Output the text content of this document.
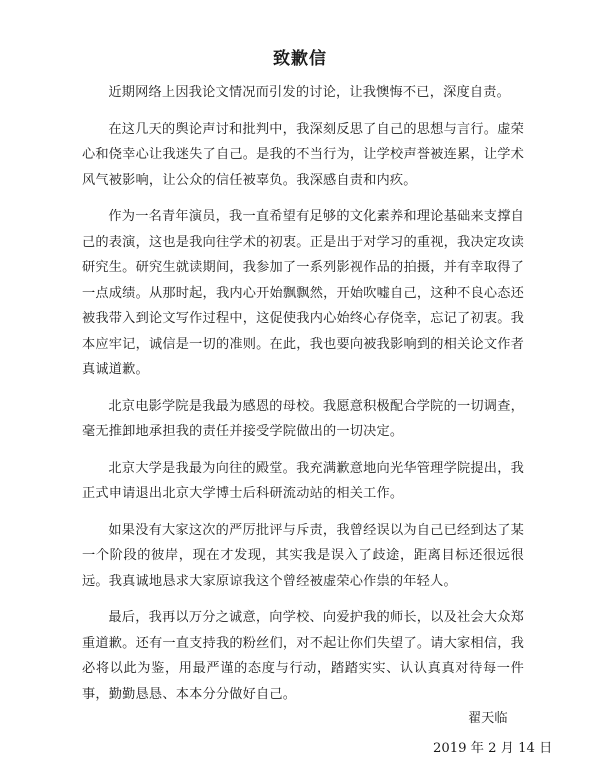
致歉信

近期网络上因我论文情况而引发的讨论，让我懊悔不已，深度自责。

在这几天的舆论声讨和批判中，我深刻反思了自己的思想与言行。虚荣心和侥幸心让我迷失了自己。是我的不当行为，让学校声誉被连累，让学术风气被影响，让公众的信任被辜负。我深感自责和内疚。

作为一名青年演员，我一直希望有足够的文化素养和理论基础来支撑自己的表演，这也是我向往学术的初衷。正是出于对学习的重视，我决定攻读研究生。研究生就读期间，我参加了一系列影视作品的拍摄，并有幸取得了一点成绩。从那时起，我内心开始飘飘然，开始吹嘘自己，这种不良心态还被我带入到论文写作过程中，这促使我内心始终心存侥幸，忘记了初衷。我本应牢记，诚信是一切的准则。在此，我也要向被我影响到的相关论文作者真诚道歉。

北京电影学院是我最为感恩的母校。我愿意积极配合学院的一切调查，毫无推卸地承担我的责任并接受学院做出的一切决定。

北京大学是我最为向往的殿堂。我充满歉意地向光华管理学院提出，我正式申请退出北京大学博士后科研流动站的相关工作。

如果没有大家这次的严厉批评与斥责，我曾经误以为自己已经到达了某一个阶段的彼岸，现在才发现，其实我是误入了歧途，距离目标还很远很远。我真诚地恳求大家原谅我这个曾经被虚荣心作祟的年轻人。

最后，我再以万分之诚意，向学校、向爱护我的师长，以及社会大众郑重道歉。还有一直支持我的粉丝们，对不起让你们失望了。请大家相信，我必将以此为鉴，用最严谨的态度与行动，踏踏实实、认认真真对待每一件事，勤勤恳恳、本本分分做好自己。

翟天临
2019 年 2 月 14 日
